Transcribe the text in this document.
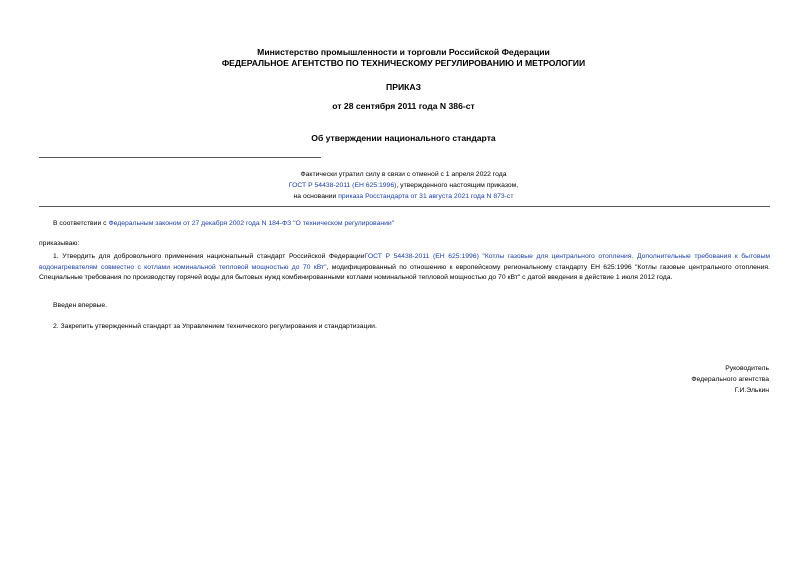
Министерство промышленности и торговли Российской Федерации
ФЕДЕРАЛЬНОЕ АГЕНТСТВО ПО ТЕХНИЧЕСКОМУ РЕГУЛИРОВАНИЮ И МЕТРОЛОГИИ
ПРИКАЗ
от 28 сентября 2011 года N 386-ст
Об утверждении национального стандарта
Фактически утратил силу в связи с отменой с 1 апреля 2022 года
ГОСТ Р 54438-2011 (ЕН 625:1996), утвержденного настоящим приказом,
на основании приказа Росстандарта от 31 августа 2021 года N 873-ст
В соответствии с Федеральным законом от 27 декабря 2002 года N 184-ФЗ "О техническом регулировании"
приказываю:
1. Утвердить для добровольного применения национальный стандарт Российской ФедерацииГОСТ Р 54438-2011 (ЕН 625:1996) "Котлы газовые для центрального отопления. Дополнительные требования к бытовым водонагревателям совместно с котлами номинальной тепловой мощностью до 70 кВт", модифицированный по отношению к европейскому региональному стандарту ЕН 625:1996 "Котлы газовые центрального отопления. Специальные требования по производству горячей воды для бытовых нужд комбинированными котлами номинальной тепловой мощностью до 70 кВт" с датой введения в действие 1 июля 2012 года.
Введен впервые.
2. Закрепить утвержденный стандарт за Управлением технического регулирования и стандартизации.
Руководитель
Федерального агентства
Г.И.Элькин
